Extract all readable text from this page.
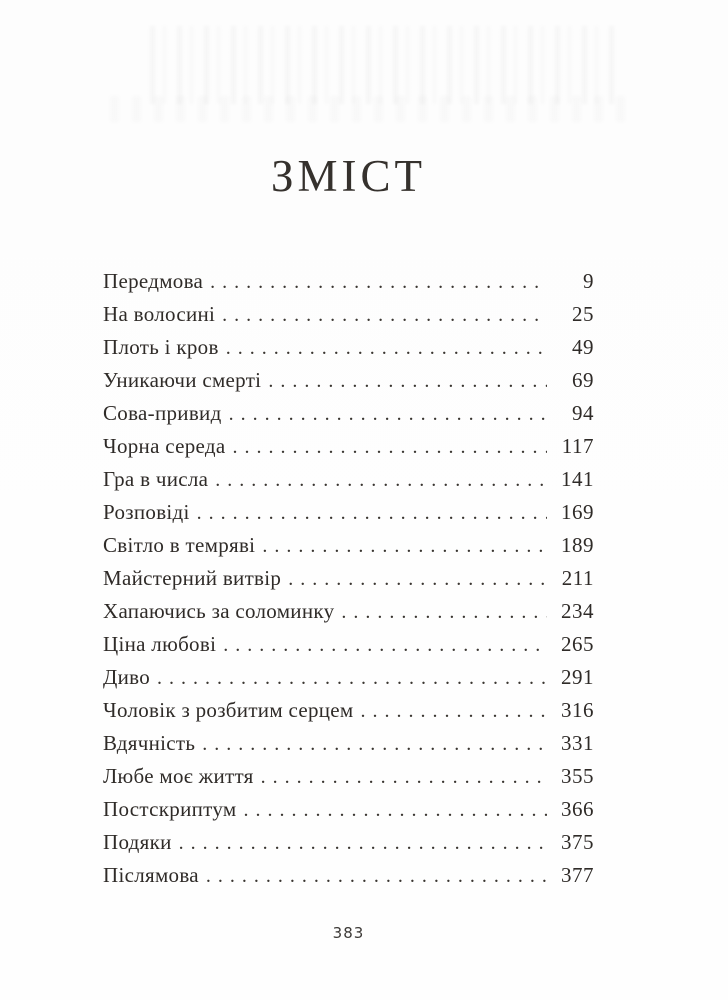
ЗМІСТ
Передмова .....	9
На волосині .....	25
Плоть і кров .....	49
Уникаючи смерті .....	69
Сова-привид .....	94
Чорна середа .....	117
Гра в числа .....	141
Розповіді .....	169
Світло в темряві .....	189
Майстерний витвір .....	211
Хапаючись за соломинку .....	234
Ціна любові .....	265
Диво .....	291
Чоловік з розбитим серцем .....	316
Вдячність .....	331
Любе моє життя .....	355
Постскриптум .....	366
Подяки .....	375
Післямова .....	377
383
